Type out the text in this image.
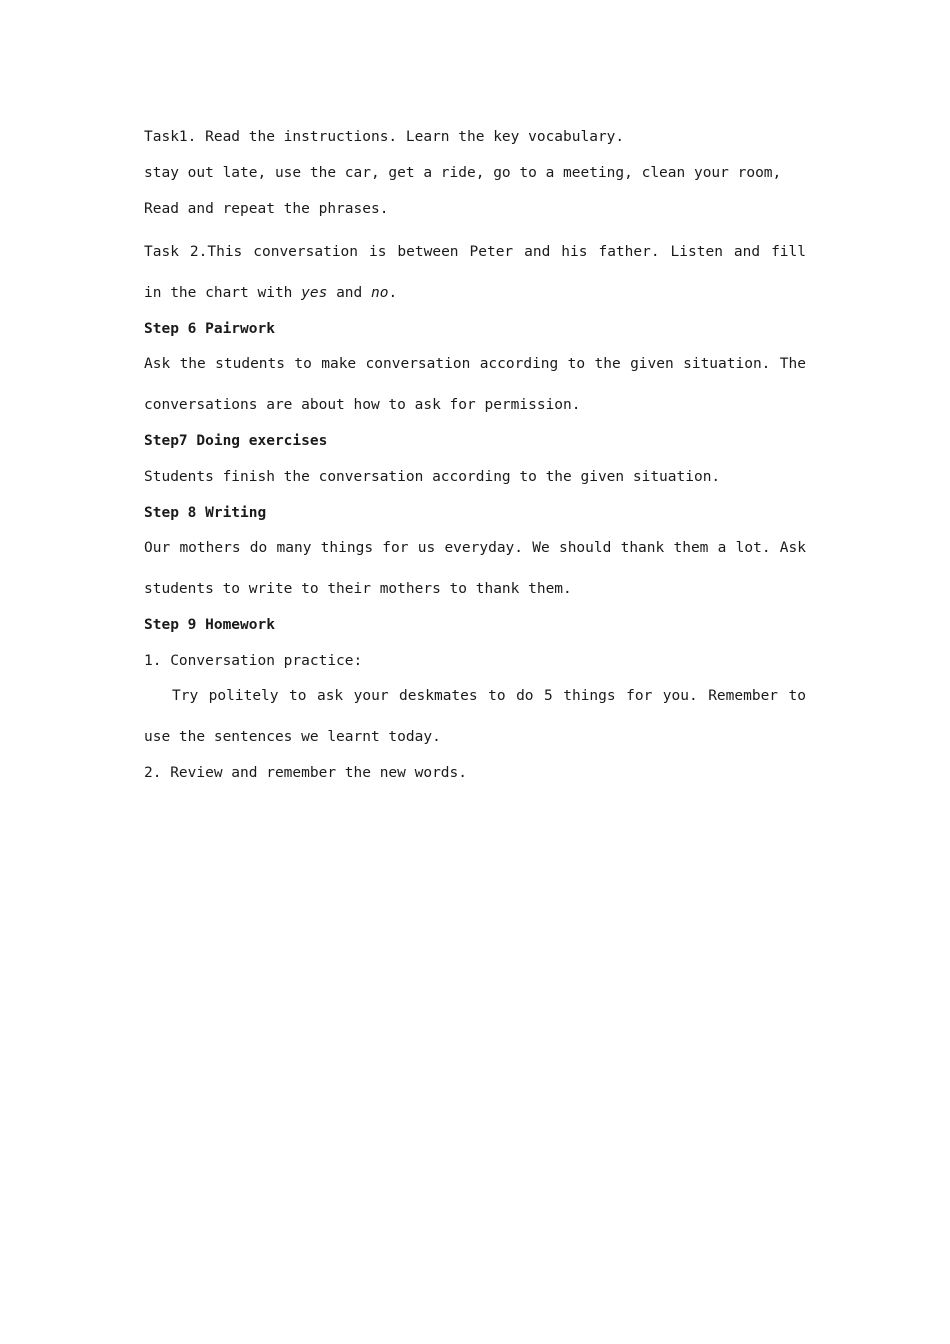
Task1. Read the instructions. Learn the key vocabulary.

stay out late, use the car, get a ride, go to a meeting, clean your room,

Read and repeat the phrases.

Task 2.This conversation is between Peter and his father. Listen and fill in the chart with yes and no.

Step 6 Pairwork

Ask the students to make conversation according to the given situation. The conversations are about how to ask for permission.

Step7 Doing exercises

Students finish the conversation according to the given situation.

Step 8 Writing

Our mothers do many things for us everyday. We should thank them a lot. Ask students to write to their mothers to thank them.

Step 9 Homework

1. Conversation practice:

Try politely to ask your deskmates to do 5 things for you. Remember to use the sentences we learnt today.

2. Review and remember the new words.
